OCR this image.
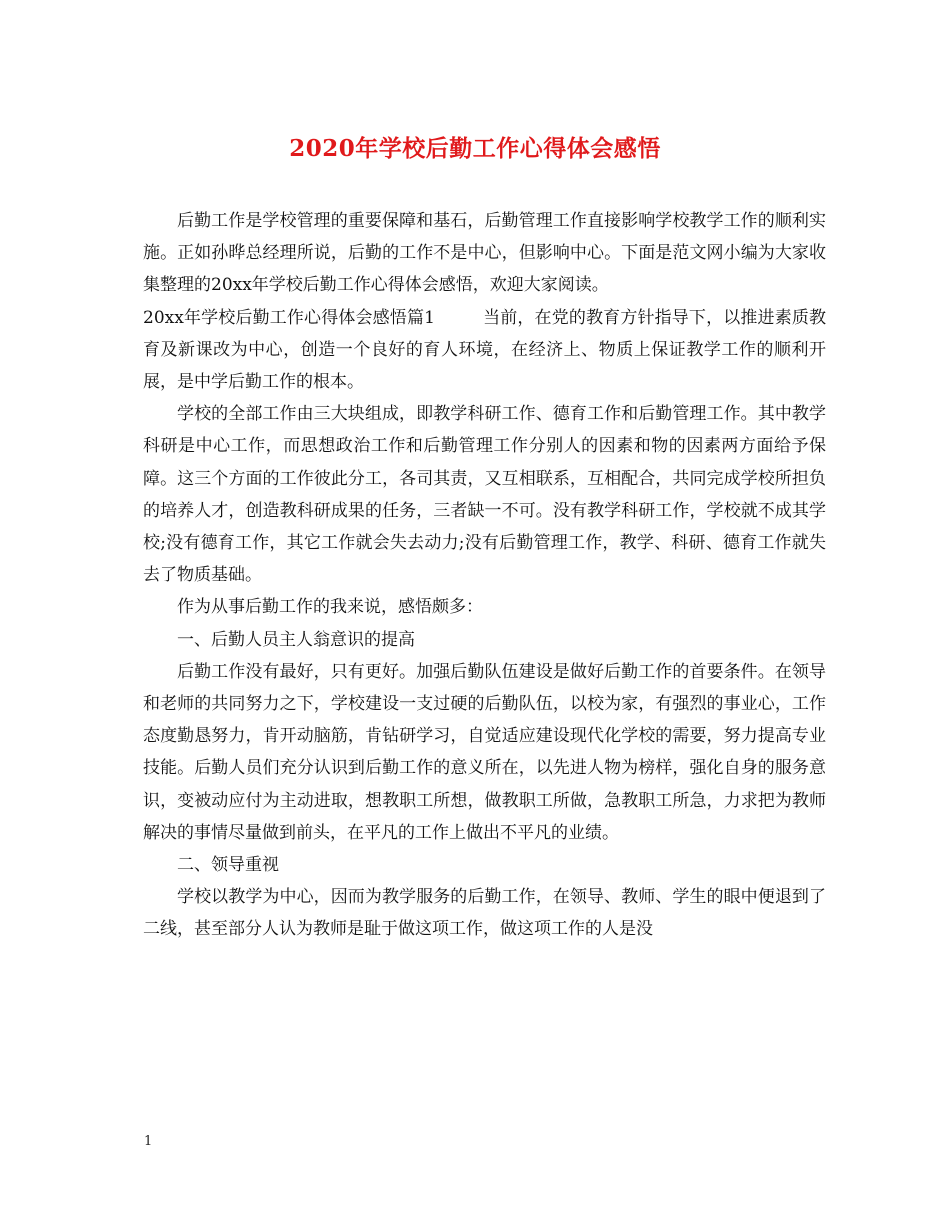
2020年学校后勤工作心得体会感悟

后勤工作是学校管理的重要保障和基石，后勤管理工作直接影响学校教学工作的顺利实施。正如孙晔总经理所说，后勤的工作不是中心，但影响中心。下面是范文网小编为大家收集整理的20xx年学校后勤工作心得体会感悟，欢迎大家阅读。

20xx年学校后勤工作心得体会感悟篇1	当前，在党的教育方针指导下，以推进素质教育及新课改为中心，创造一个良好的育人环境，在经济上、物质上保证教学工作的顺利开展，是中学后勤工作的根本。

学校的全部工作由三大块组成，即教学科研工作、德育工作和后勤管理工作。其中教学科研是中心工作，而思想政治工作和后勤管理工作分别人的因素和物的因素两方面给予保障。这三个方面的工作彼此分工，各司其责，又互相联系，互相配合，共同完成学校所担负的培养人才，创造教科研成果的任务，三者缺一不可。没有教学科研工作，学校就不成其学校;没有德育工作，其它工作就会失去动力;没有后勤管理工作，教学、科研、德育工作就失去了物质基础。

作为从事后勤工作的我来说，感悟颇多：

一、后勤人员主人翁意识的提高

后勤工作没有最好，只有更好。加强后勤队伍建设是做好后勤工作的首要条件。在领导和老师的共同努力之下，学校建设一支过硬的后勤队伍，以校为家，有强烈的事业心，工作态度勤恳努力，肯开动脑筋，肯钻研学习，自觉适应建设现代化学校的需要，努力提高专业技能。后勤人员们充分认识到后勤工作的意义所在，以先进人物为榜样，强化自身的服务意识，变被动应付为主动进取，想教职工所想，做教职工所做，急教职工所急，力求把为教师解决的事情尽量做到前头，在平凡的工作上做出不平凡的业绩。

二、领导重视

学校以教学为中心，因而为教学服务的后勤工作，在领导、教师、学生的眼中便退到了二线，甚至部分人认为教师是耻于做这项工作，做这项工作的人是没

1
